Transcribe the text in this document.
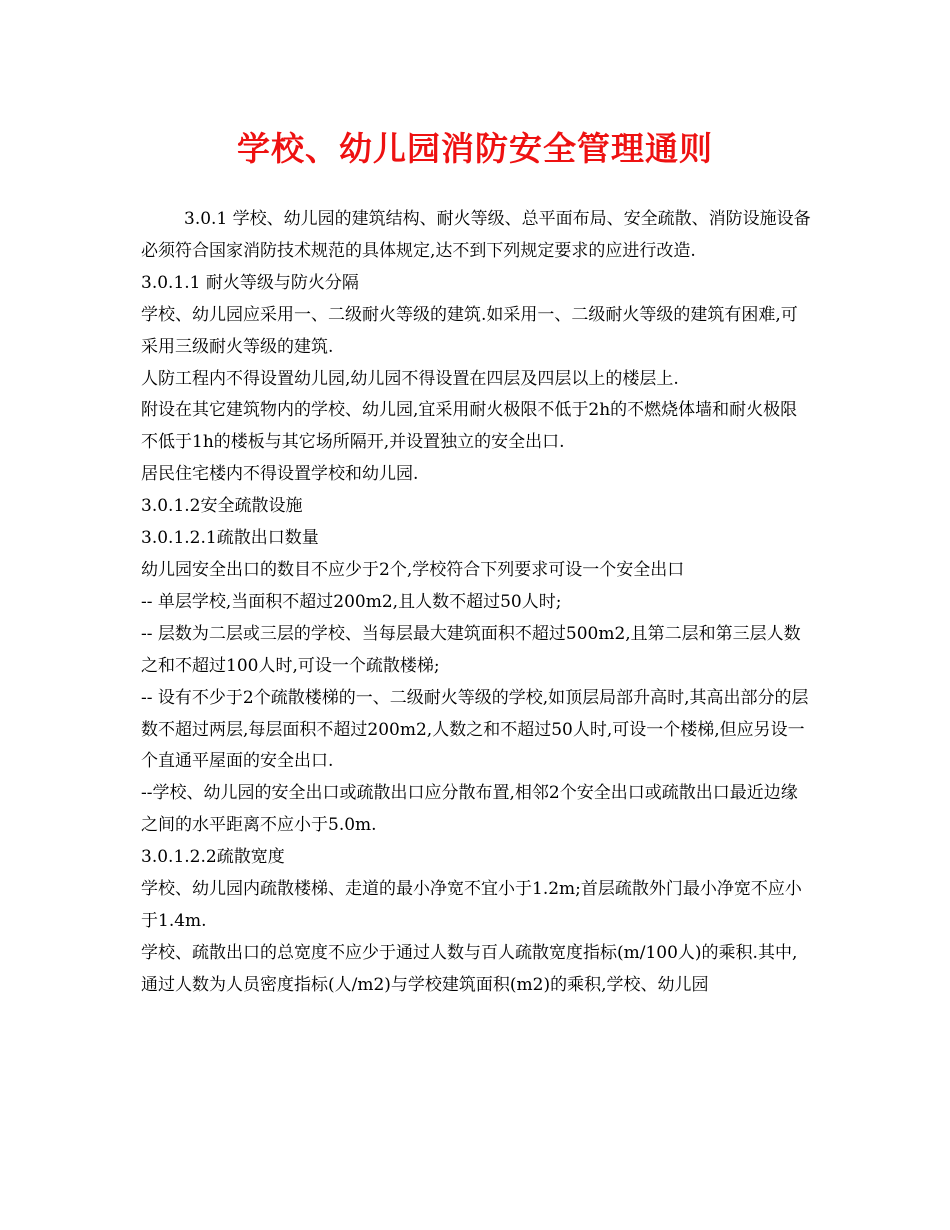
学校、幼儿园消防安全管理通则

3.0.1 学校、幼儿园的建筑结构、耐火等级、总平面布局、安全疏散、消防设施设备必须符合国家消防技术规范的具体规定,达不到下列规定要求的应进行改造.

3.0.1.1 耐火等级与防火分隔

学校、幼儿园应采用一、二级耐火等级的建筑.如采用一、二级耐火等级的建筑有困难,可采用三级耐火等级的建筑.

人防工程内不得设置幼儿园,幼儿园不得设置在四层及四层以上的楼层上.

附设在其它建筑物内的学校、幼儿园,宜采用耐火极限不低于2h的不燃烧体墙和耐火极限不低于1h的楼板与其它场所隔开,并设置独立的安全出口.

居民住宅楼内不得设置学校和幼儿园.

3.0.1.2安全疏散设施

3.0.1.2.1疏散出口数量

幼儿园安全出口的数目不应少于2个,学校符合下列要求可设一个安全出口

-- 单层学校,当面积不超过200m2,且人数不超过50人时;

-- 层数为二层或三层的学校、当每层最大建筑面积不超过500m2,且第二层和第三层人数之和不超过100人时,可设一个疏散楼梯;

-- 设有不少于2个疏散楼梯的一、二级耐火等级的学校,如顶层局部升高时,其高出部分的层数不超过两层,每层面积不超过200m2,人数之和不超过50人时,可设一个楼梯,但应另设一个直通平屋面的安全出口.

--学校、幼儿园的安全出口或疏散出口应分散布置,相邻2个安全出口或疏散出口最近边缘之间的水平距离不应小于5.0m.

3.0.1.2.2疏散宽度

学校、幼儿园内疏散楼梯、走道的最小净宽不宜小于1.2m;首层疏散外门最小净宽不应小于1.4m.

学校、疏散出口的总宽度不应少于通过人数与百人疏散宽度指标(m/100人)的乘积.其中,通过人数为人员密度指标(人/m2)与学校建筑面积(m2)的乘积,学校、幼儿园
